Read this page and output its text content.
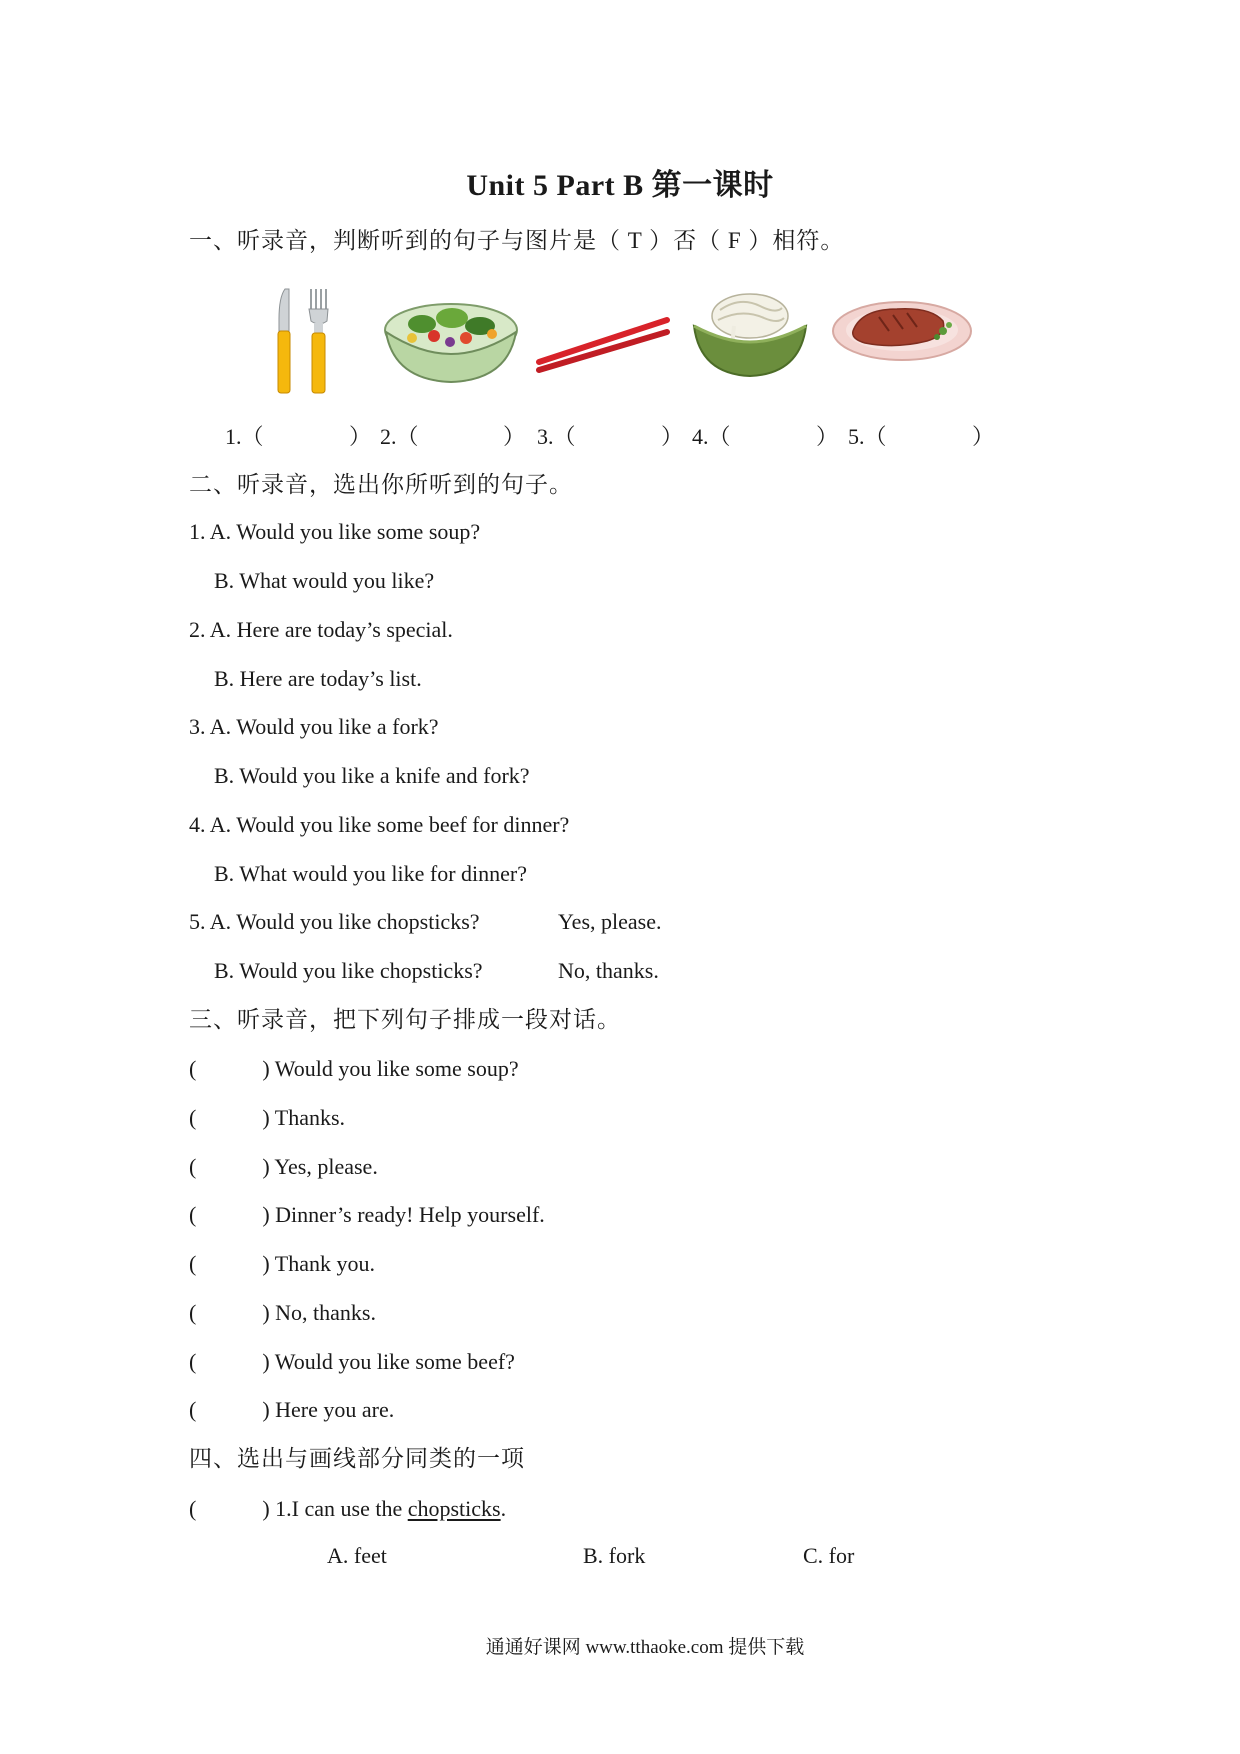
Unit 5 Part B 第一课时
一、听录音，判断听到的句子与图片是（ T ）否（ F ）相符。
1.（	） 2.（	） 3.（	） 4.（	） 5.（	）
二、听录音，选出你所听到的句子。
1. A. Would you like some soup?
B. What would you like?
2. A. Here are today’s special.
B. Here are today’s list.
3. A. Would you like a fork?
B. Would you like a knife and fork?
4. A. Would you like some beef for dinner?
B. What would you like for dinner?
5. A. Would you like chopsticks?	Yes, please.
B. Would you like chopsticks?	No, thanks.
三、听录音，把下列句子排成一段对话。
(	) Would you like some soup?
(	) Thanks.
(	) Yes, please.
(	) Dinner’s ready! Help yourself.
(	) Thank you.
(	) No, thanks.
(	) Would you like some beef?
(	) Here you are.
四、选出与画线部分同类的一项
(	) 1.I can use the chopsticks.
A. feet	B. fork	C. for
通通好课网 www.tthaoke.com 提供下载
